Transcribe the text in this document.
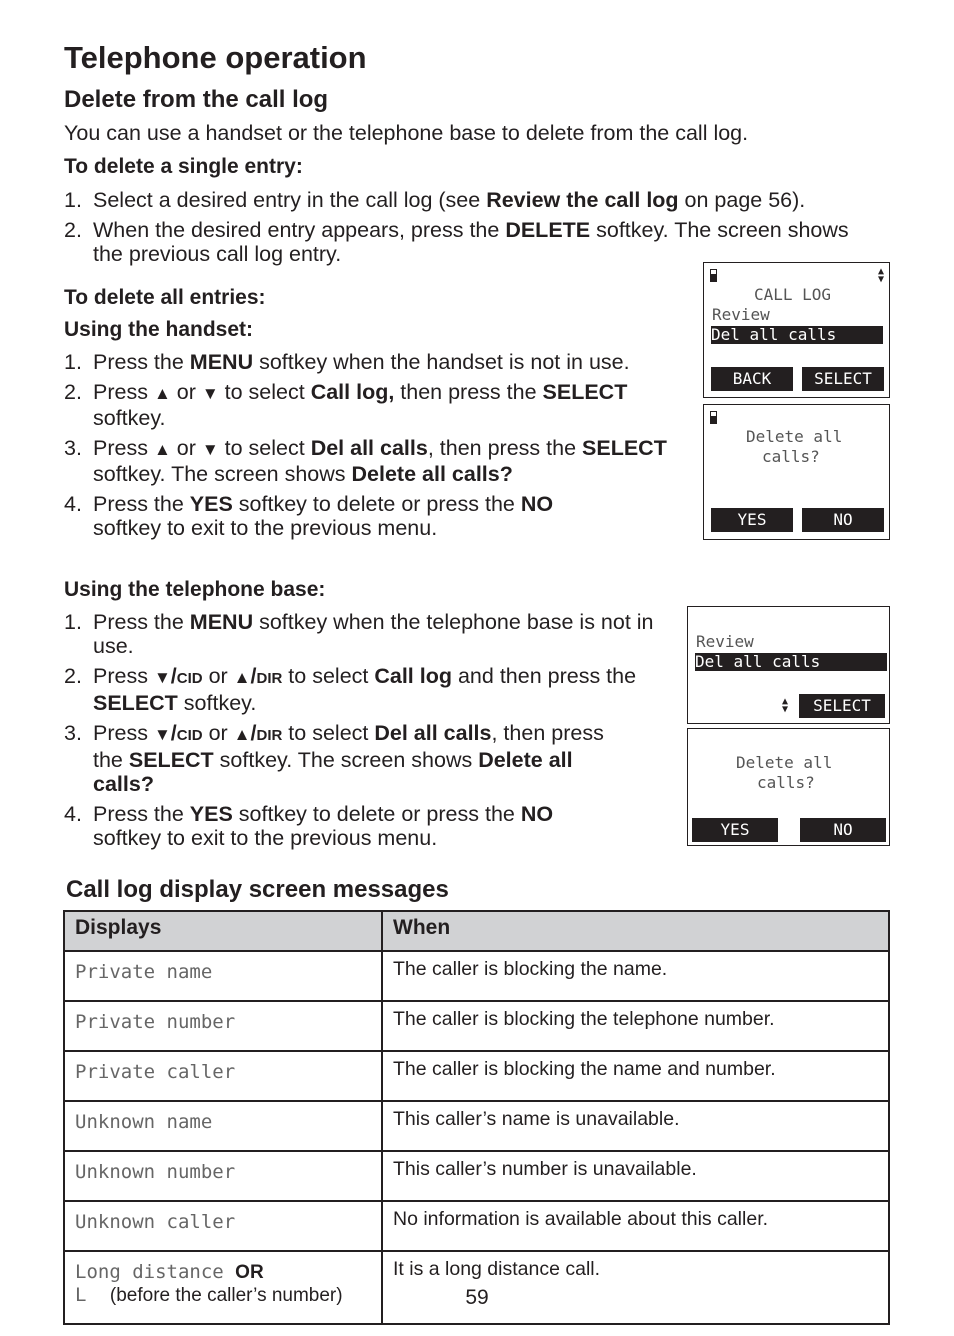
Telephone operation
Delete from the call log
You can use a handset or the telephone base to delete from the call log.
To delete a single entry:
1. Select a desired entry in the call log (see Review the call log on page 56).
2. When the desired entry appears, press the DELETE softkey. The screen shows the previous call log entry.
To delete all entries:
Using the handset:
1. Press the MENU softkey when the handset is not in use.
2. Press ▲ or ▼ to select Call log, then press the SELECT softkey.
3. Press ▲ or ▼ to select Del all calls, then press the SELECT softkey. The screen shows Delete all calls?
4. Press the YES softkey to delete or press the NO softkey to exit to the previous menu.
Using the telephone base:
1. Press the MENU softkey when the telephone base is not in use.
2. Press ▼/CID or ▲/DIR to select Call log and then press the SELECT softkey.
3. Press ▼/CID or ▲/DIR to select Del all calls, then press the SELECT softkey. The screen shows Delete all calls?
4. Press the YES softkey to delete or press the NO softkey to exit to the previous menu.
▲
▼
CALL LOG
Review
Del all calls
BACK	SELECT
Delete all
calls?
YES	NO
Review
Del all calls
▲
▼	SELECT
Delete all
calls?
YES	NO
Call log display screen messages
Displays	When
Private name	The caller is blocking the name.
Private number	The caller is blocking the telephone number.
Private caller	The caller is blocking the name and number.
Unknown name	This caller’s name is unavailable.
Unknown number	This caller’s number is unavailable.
Unknown caller	No information is available about this caller.
Long distance OR
L (before the caller’s number)	It is a long distance call.
59
